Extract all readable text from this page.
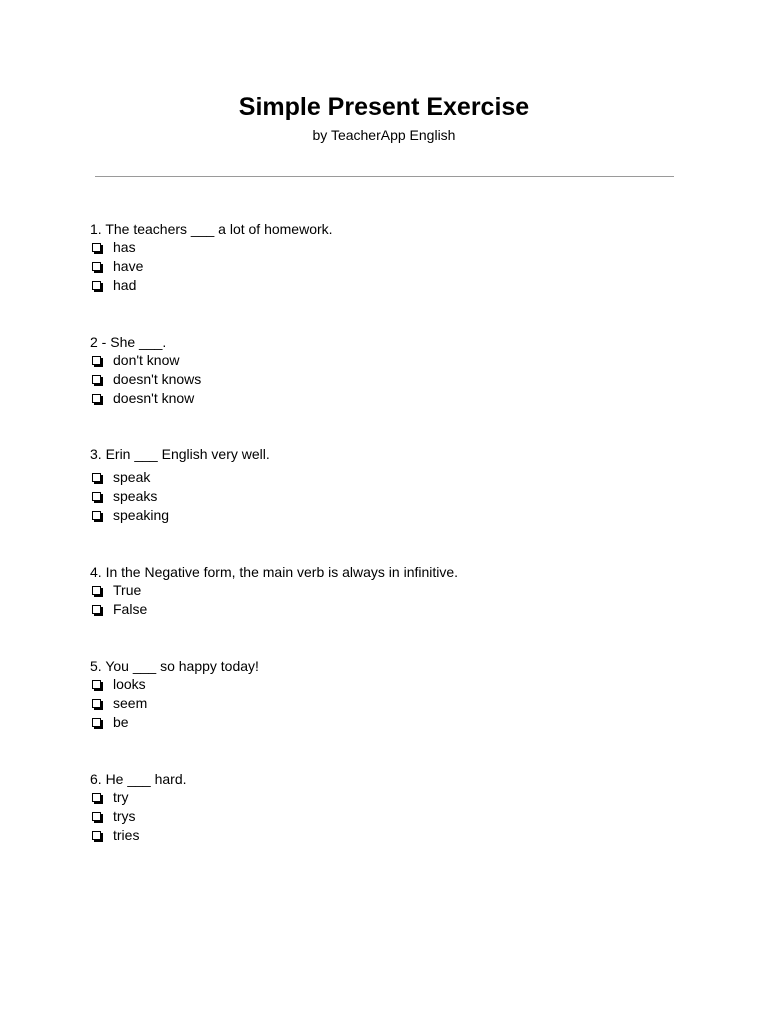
Simple Present Exercise
by TeacherApp English
1. The teachers ___ a lot of homework.
has
have
had
2 - She ___.
don't know
doesn't knows
doesn't know
3. Erin ___ English very well.
speak
speaks
speaking
4. In the Negative form, the main verb is always in infinitive.
True
False
5. You ___ so happy today!
looks
seem
be
6. He ___ hard.
try
trys
tries
